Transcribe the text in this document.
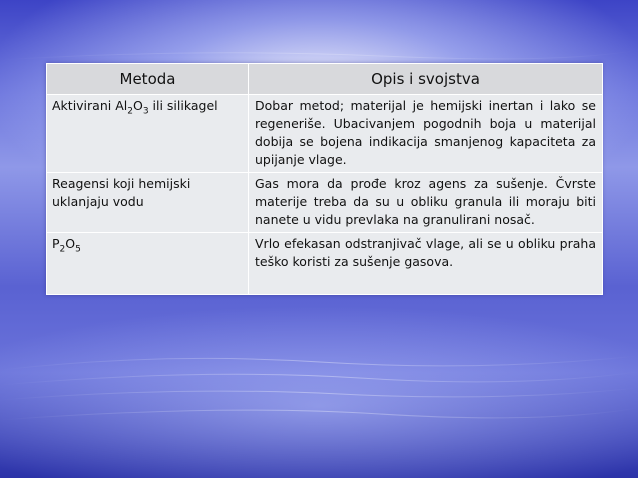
Metoda	Opis i svojstva
Aktivirani $Al_2O_3$ ili silikagel	Dobar metod; materijal je hemijski inertan i lako se regeneriše. Ubacivanjem pogodnih boja u materijal dobija se bojena indikacija smanjenog kapaciteta za upijanje vlage.
Reagensi koji hemijski uklanjaju vodu	Gas mora da prođe kroz agens za sušenje. Čvrste materije treba da su u obliku granula ili moraju biti nanete u vidu prevlaka na granulirani nosač.
$P_2O_5$	Vrlo efekasan odstranjivač vlage, ali se u obliku praha teško koristi za sušenje gasova.
